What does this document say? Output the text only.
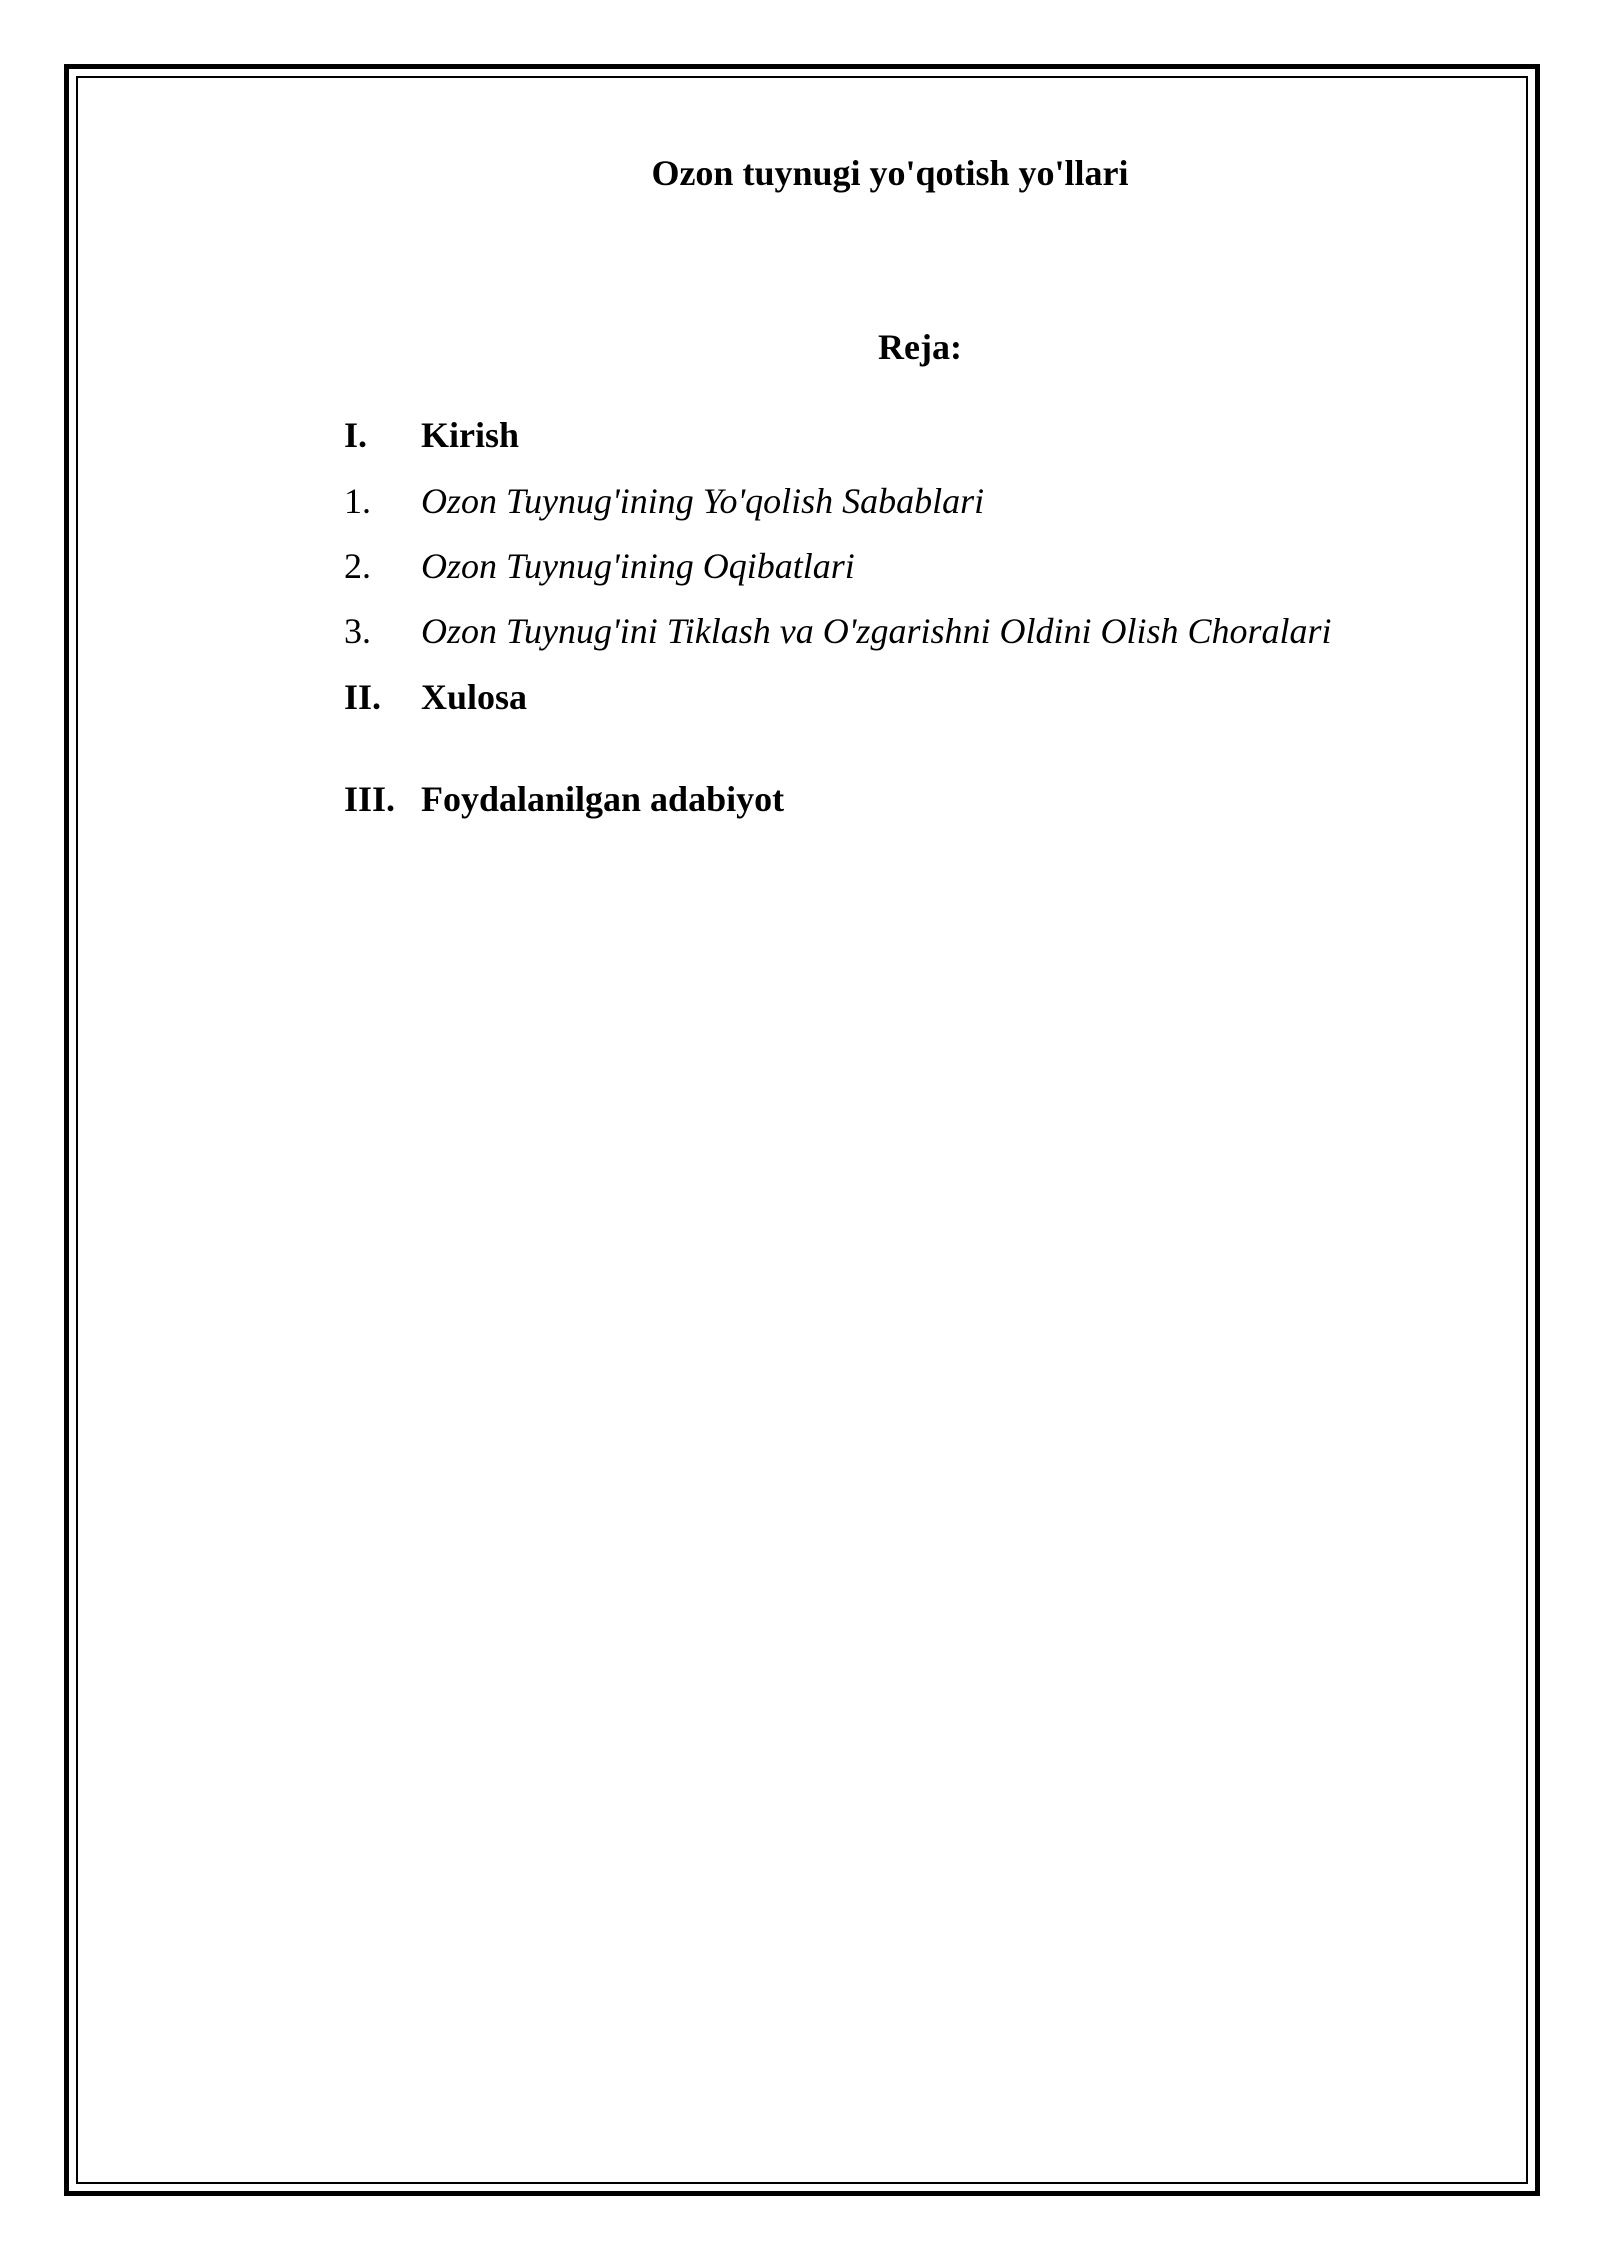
Ozon tuynugi yo'qotish yo'llari
Reja:
I.	Kirish
1.	Ozon Tuynug'ining Yo'qolish Sabablari
2.	Ozon Tuynug'ining Oqibatlari
3.	Ozon Tuynug'ini Tiklash va O'zgarishni Oldini Olish Choralari
II.	Xulosa
III. Foydalanilgan adabiyot
